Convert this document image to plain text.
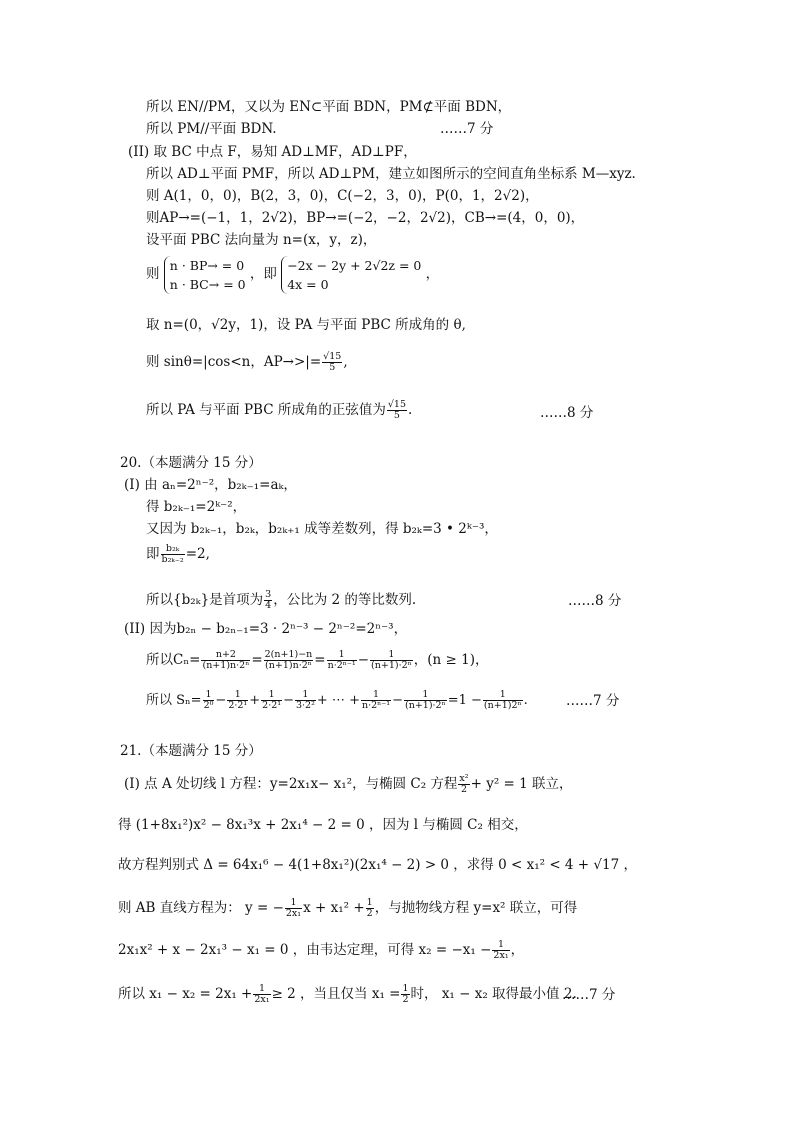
所以 EN//PM，又以为 EN⊂平面 BDN，PM⊄平面 BDN，
所以 PM//平面 BDN.	……7 分
(II) 取 BC 中点 F，易知 AD⊥MF，AD⊥PF，
所以 AD⊥平面 PMF，所以 AD⊥PM，建立如图所示的空间直角坐标系 M—xyz.
则 A(1，0，0)，B(2，3，0)，C(−2，3，0)，P(0，1，2√2)，
则AP→=(−1，1，2√2)，BP→=(−2，−2，2√2)，CB→=(4，0，0)，
设平面 PBC 法向量为 n=(x，y，z)，
则
n · BP→ = 0
n · BC→ = 0
，即
−2x − 2y + 2√2z = 0
4x = 0
，
取 n=(0，√2y，1)，设 PA 与平面 PBC 所成角的 θ,
则 sinθ=|cos<n，$AP\to>|= \frac{√15}{5}$ ,
所以 PA 与平面 PBC 所成角的正弦值为 $\frac{√15}{5}$ .	……8 分
20.（本题满分 15 分）
(Ⅰ) 由 aₙ=2ⁿ⁻²，b₂ₖ₋₁=aₖ，
得 b₂ₖ₋₁=2ᵏ⁻²，
又因为 b₂ₖ₋₁，b₂ₖ，b₂ₖ₊₁ 成等差数列，得 b₂ₖ=3 • 2ᵏ⁻³，
即 $\frac{\text{b₂ₖ}}{\text{b₂ₖ₋₂}} =2$,
所以{b₂ₖ}是首项为 $\frac{3}{4}$ ，公比为 2 的等比数列.	……8 分
(II) 因为b₂ₙ − b₂ₙ₋₁=3 · 2ⁿ⁻³ − 2ⁿ⁻²=2ⁿ⁻³，
所以$C_n= \frac{n+2}{\text{(n+1)n·2ⁿ}} = \frac{2(n+1)-n}{\text{(n+1)n·2ⁿ}} = \frac{1}{\text{n·2ⁿ⁻¹}} - \frac{1}{\text{(n+1)·2ⁿ}}$ ，(n ≥ 1)，
所以 $S_n= \frac{1}{\text{2⁰}} - \frac{1}{\text{2·2¹}} + \frac{1}{\text{2·2¹}} - \frac{1}{\text{3·2²}}$ + ⋯ + $\frac{1}{\text{n·2ⁿ⁻¹}} - \frac{1}{\text{(n+1)·2ⁿ}} =1 - \frac{1}{\text{(n+1)2ⁿ}}$ .	……7 分
21.（本题满分 15 分）
(I) 点 A 处切线 l 方程：y=2x₁x− x₁²，与椭圆 C₂ 方程 $\frac{\text{x²}}{2} + y^2 = 1$ 联立，
得 (1+8x₁²)x² − 8x₁³x + 2x₁⁴ − 2 = 0 ，因为 l 与椭圆 C₂ 相交，
故方程判别式 Δ = 64x₁⁶ − 4(1+8x₁²)(2x₁⁴ − 2) > 0 ，求得 0 < x₁² < 4 + √17 ，
则 AB 直线方程为： y = − $\frac{1}{\text{2x₁}}$ $x + x_1^2 + \frac{1}{2}$ ，与抛物线方程 y=x² 联立，可得
2x₁x² + x − 2x₁³ − x₁ = 0 ，由韦达定理，可得 $x_2 = -x_1 - \frac{1}{\text{2x₁}}$ ，
所以 $x_1 - x_2 = 2x_1 + \frac{1}{\text{2x₁}} \ge 2$ ，当且仅当 $x_1 = \frac{1}{2}$ 时， x₁ − x₂ 取得最小值 2.
……7 分
